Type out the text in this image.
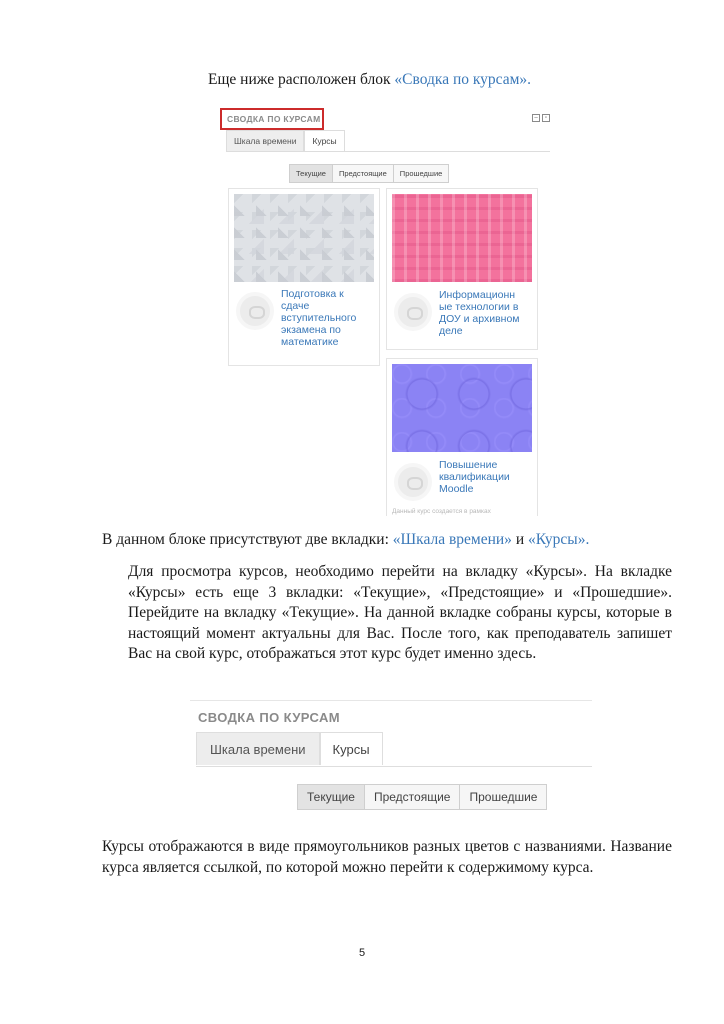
Еще ниже расположен блок «Сводка по курсам».
СВОДКА ПО КУРСАМ	–	▫
Шкала времени	Курсы
Текущие	Предстоящие	Прошедшие
Подготовка к
сдаче
вступительного
экзамена по
математике
Информационн
ые технологии в
ДОУ и архивном
деле
Повышение
квалификации
Moodle
Данный курс создается в рамках
В данном блоке присутствуют две вкладки: «Шкала времени» и «Курсы».
Для просмотра курсов, необходимо перейти на вкладку «Курсы». На вкладке «Курсы» есть еще 3 вкладки: «Текущие», «Предстоящие» и «Прошедшие». Перейдите на вкладку «Текущие». На данной вкладке собраны курсы, которые в настоящий момент актуальны для Вас. После того, как преподаватель запишет Вас на свой курс, отображаться этот курс будет именно здесь.
СВОДКА ПО КУРСАМ
Шкала времени	Курсы
Текущие	Предстоящие	Прошедшие
Курсы отображаются в виде прямоугольников разных цветов с названиями. Название курса является ссылкой, по которой можно перейти к содержимому курса.
5
